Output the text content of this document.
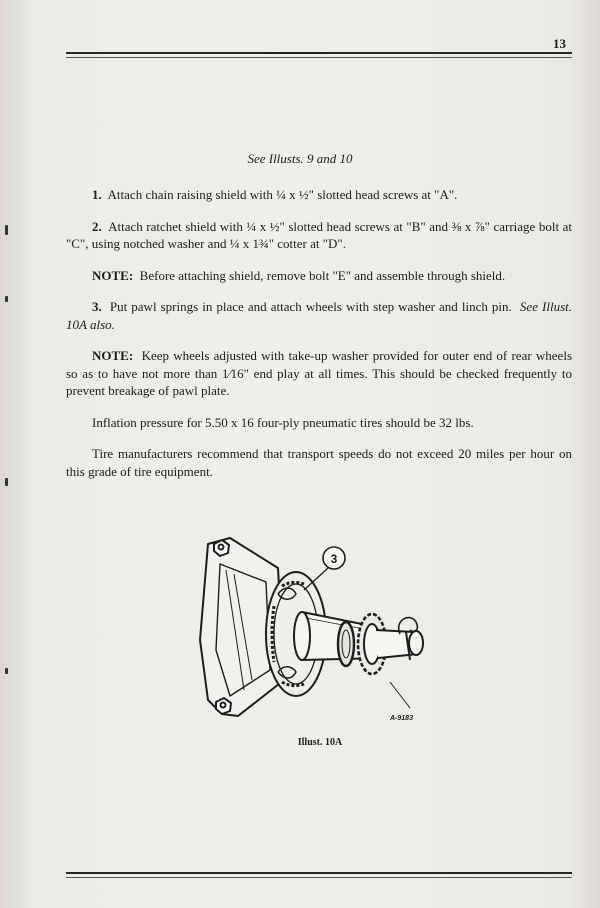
13
See Illusts. 9 and 10

1. Attach chain raising shield with ¼ x ½" slotted head screws at "A".

2. Attach ratchet shield with ¼ x ½" slotted head screws at "B" and ⅜ x ⅞" carriage bolt at "C", using notched washer and ¼ x 1¾" cotter at "D".

NOTE: Before attaching shield, remove bolt "E" and assemble through shield.

3. Put pawl springs in place and attach wheels with step washer and linch pin. See Illust. 10A also.

NOTE: Keep wheels adjusted with take-up washer provided for outer end of rear wheels so as to have not more than 1⁄16" end play at all times. This should be checked frequently to prevent breakage of pawl plate.

Inflation pressure for 5.50 x 16 four-ply pneumatic tires should be 32 lbs.

Tire manufacturers recommend that transport speeds do not exceed 20 miles per hour on this grade of tire equipment.

3
A-9183
Illust. 10A
